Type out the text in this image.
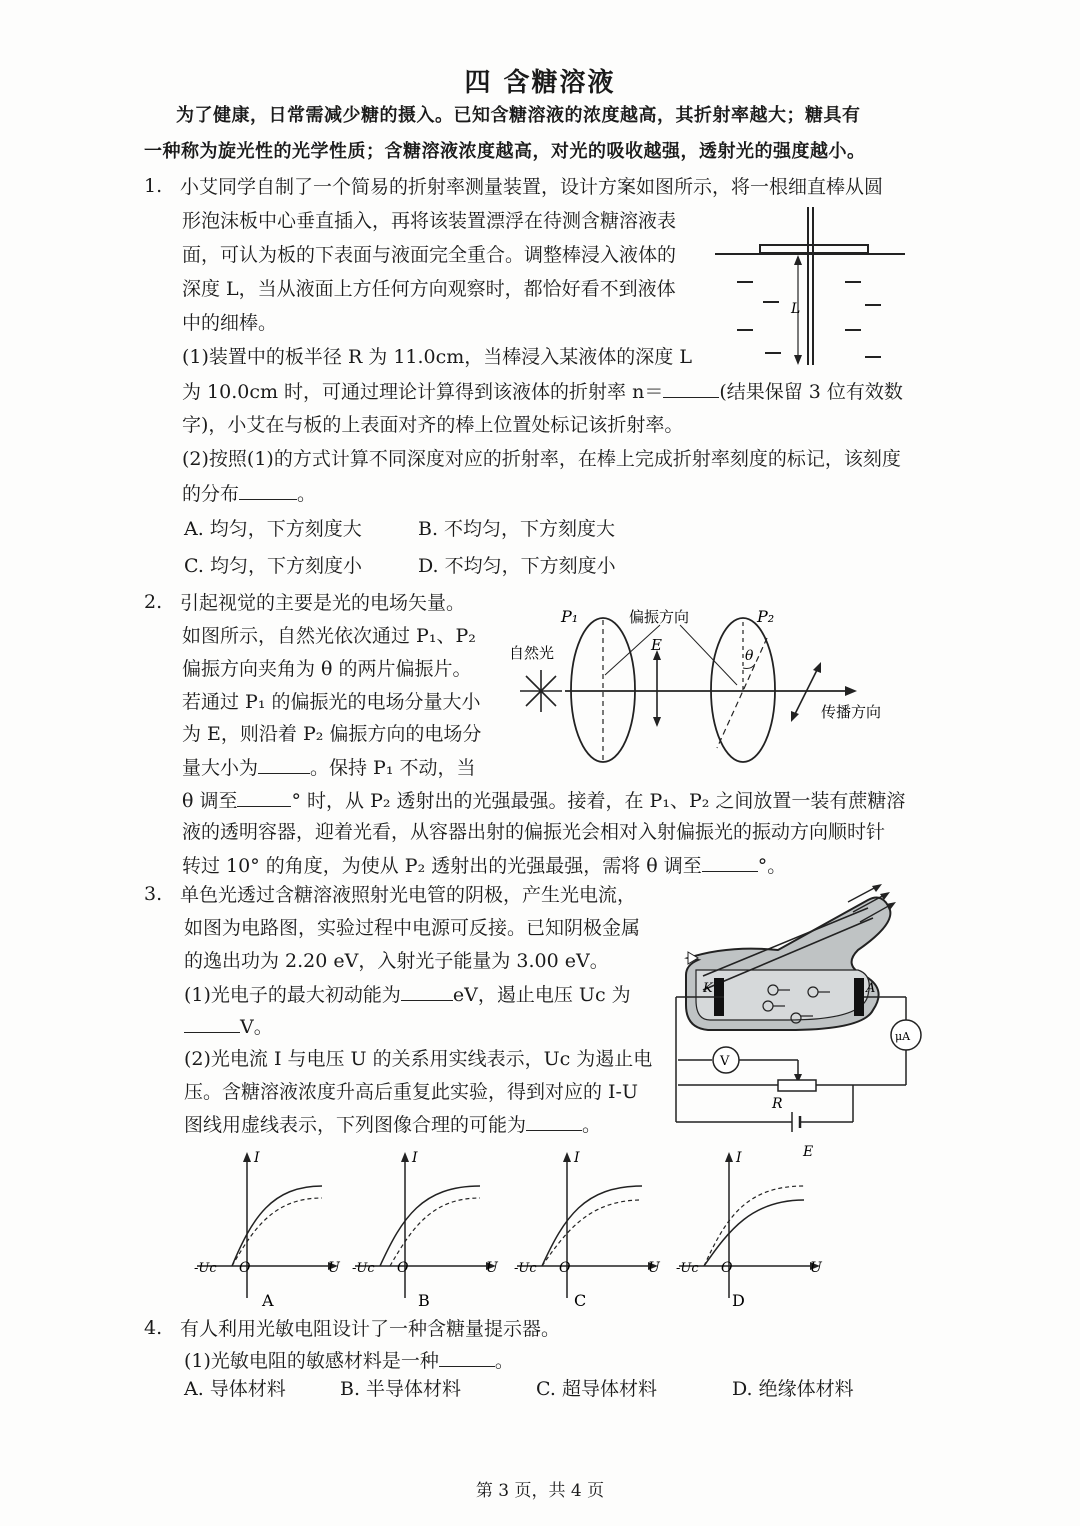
四 含糖溶液
为了健康，日常需减少糖的摄入。已知含糖溶液的浓度越高，其折射率越大；糖具有
一种称为旋光性的光学性质；含糖溶液浓度越高，对光的吸收越强，透射光的强度越小。
1. 小艾同学自制了一个简易的折射率测量装置，设计方案如图所示，将一根细直棒从圆
形泡沫板中心垂直插入，再将该装置漂浮在待测含糖溶液表
面，可认为板的下表面与液面完全重合。调整棒浸入液体的
深度 L，当从液面上方任何方向观察时，都恰好看不到液体
中的细棒。
(1)装置中的板半径 R 为 11.0cm，当棒浸入某液体的深度 L
为 10.0cm 时，可通过理论计算得到该液体的折射率 n＝	(结果保留 3 位有效数
字)，小艾在与板的上表面对齐的棒上位置处标记该折射率。
(2)按照(1)的方式计算不同深度对应的折射率，在棒上完成折射率刻度的标记，该刻度
的分布	。
A. 均匀，下方刻度大	B. 不均匀，下方刻度大
C. 均匀，下方刻度小	D. 不均匀，下方刻度小
L
2. 引起视觉的主要是光的电场矢量。
如图所示，自然光依次通过 P₁、P₂
偏振方向夹角为 θ 的两片偏振片。
若通过 P₁ 的偏振光的电场分量大小
为 E，则沿着 P₂ 偏振方向的电场分
量大小为	。保持 P₁ 不动，当
θ 调至	° 时，从 P₂ 透射出的光强最强。接着，在 P₁、P₂ 之间放置一装有蔗糖溶
液的透明容器，迎着光看，从容器出射的偏振光会相对入射偏振光的振动方向顺时针
转过 10° 的角度，为使从 P₂ 透射出的光强最强，需将 θ 调至	°。
P₁	P₂
偏振方向
自然光	E
θ
传播方向
3. 单色光透过含糖溶液照射光电管的阴极，产生光电流，
如图为电路图，实验过程中电源可反接。已知阴极金属
的逸出功为 2.20 eV，入射光子能量为 3.00 eV。
(1)光电子的最大初动能为	eV，遏止电压 Uc 为
V。
(2)光电流 I 与电压 U 的关系用实线表示，Uc 为遏止电
压。含糖溶液浓度升高后重复此实验，得到对应的 I-U
图线用虚线表示，下列图像合理的可能为	。
K	A
μA
V
R
E
I
U
O
-Uc
A
I
U
O
-Uc
B
I
U
O
-Uc
C
I
U
O
-Uc
D
4. 有人利用光敏电阻设计了一种含糖量提示器。
(1)光敏电阻的敏感材料是一种	。
A. 导体材料	B. 半导体材料	C. 超导体材料	D. 绝缘体材料
第 3 页，共 4 页
